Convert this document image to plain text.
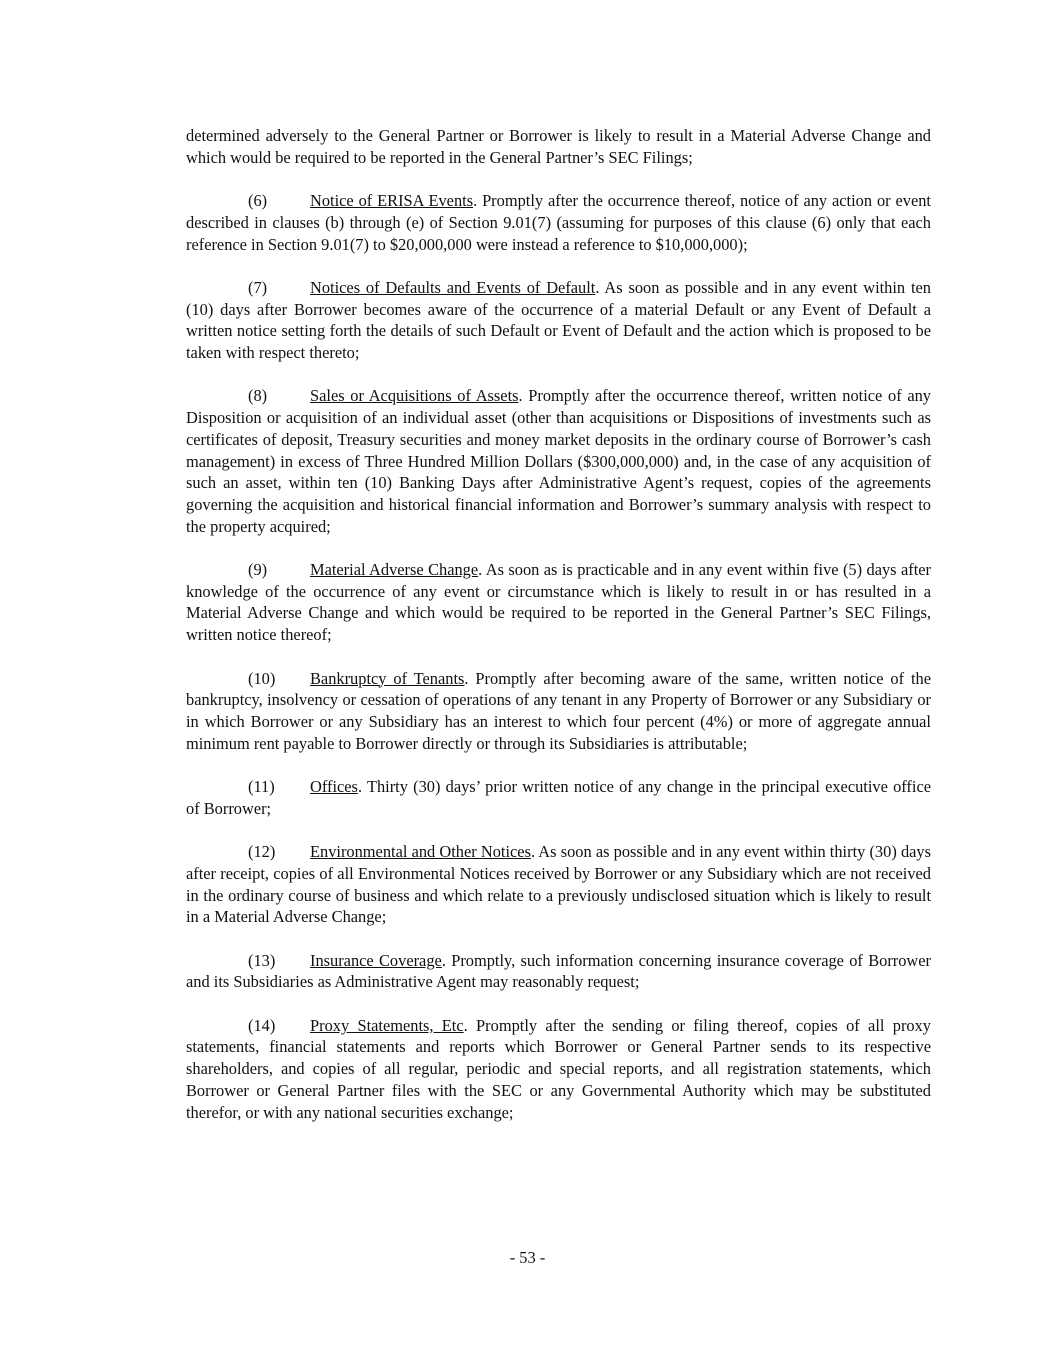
determined adversely to the General Partner or Borrower is likely to result in a Material Adverse Change and which would be required to be reported in the General Partner’s SEC Filings;

(6)	Notice of ERISA Events. Promptly after the occurrence thereof, notice of any action or event described in clauses (b) through (e) of Section 9.01(7) (assuming for purposes of this clause (6) only that each reference in Section 9.01(7) to $20,000,000 were instead a reference to $10,000,000);

(7)	Notices of Defaults and Events of Default. As soon as possible and in any event within ten (10) days after Borrower becomes aware of the occurrence of a material Default or any Event of Default a written notice setting forth the details of such Default or Event of Default and the action which is proposed to be taken with respect thereto;

(8)	Sales or Acquisitions of Assets. Promptly after the occurrence thereof, written notice of any Disposition or acquisition of an individual asset (other than acquisitions or Dispositions of investments such as certificates of deposit, Treasury securities and money market deposits in the ordinary course of Borrower’s cash management) in excess of Three Hundred Million Dollars ($300,000,000) and, in the case of any acquisition of such an asset, within ten (10) Banking Days after Administrative Agent’s request, copies of the agreements governing the acquisition and historical financial information and Borrower’s summary analysis with respect to the property acquired;

(9)	Material Adverse Change. As soon as is practicable and in any event within five (5) days after knowledge of the occurrence of any event or circumstance which is likely to result in or has resulted in a Material Adverse Change and which would be required to be reported in the General Partner’s SEC Filings, written notice thereof;

(10) Bankruptcy of Tenants. Promptly after becoming aware of the same, written notice of the bankruptcy, insolvency or cessation of operations of any tenant in any Property of Borrower or any Subsidiary or in which Borrower or any Subsidiary has an interest to which four percent (4%) or more of aggregate annual minimum rent payable to Borrower directly or through its Subsidiaries is attributable;

(11) Offices. Thirty (30) days’ prior written notice of any change in the principal executive office of Borrower;

(12) Environmental and Other Notices. As soon as possible and in any event within thirty (30) days after receipt, copies of all Environmental Notices received by Borrower or any Subsidiary which are not received in the ordinary course of business and which relate to a previously undisclosed situation which is likely to result in a Material Adverse Change;

(13) Insurance Coverage. Promptly, such information concerning insurance coverage of Borrower and its Subsidiaries as Administrative Agent may reasonably request;

(14) Proxy Statements, Etc. Promptly after the sending or filing thereof, copies of all proxy statements, financial statements and reports which Borrower or General Partner sends to its respective shareholders, and copies of all regular, periodic and special reports, and all registration statements, which Borrower or General Partner files with the SEC or any Governmental Authority which may be substituted therefor, or with any national securities exchange;

- 53 -
